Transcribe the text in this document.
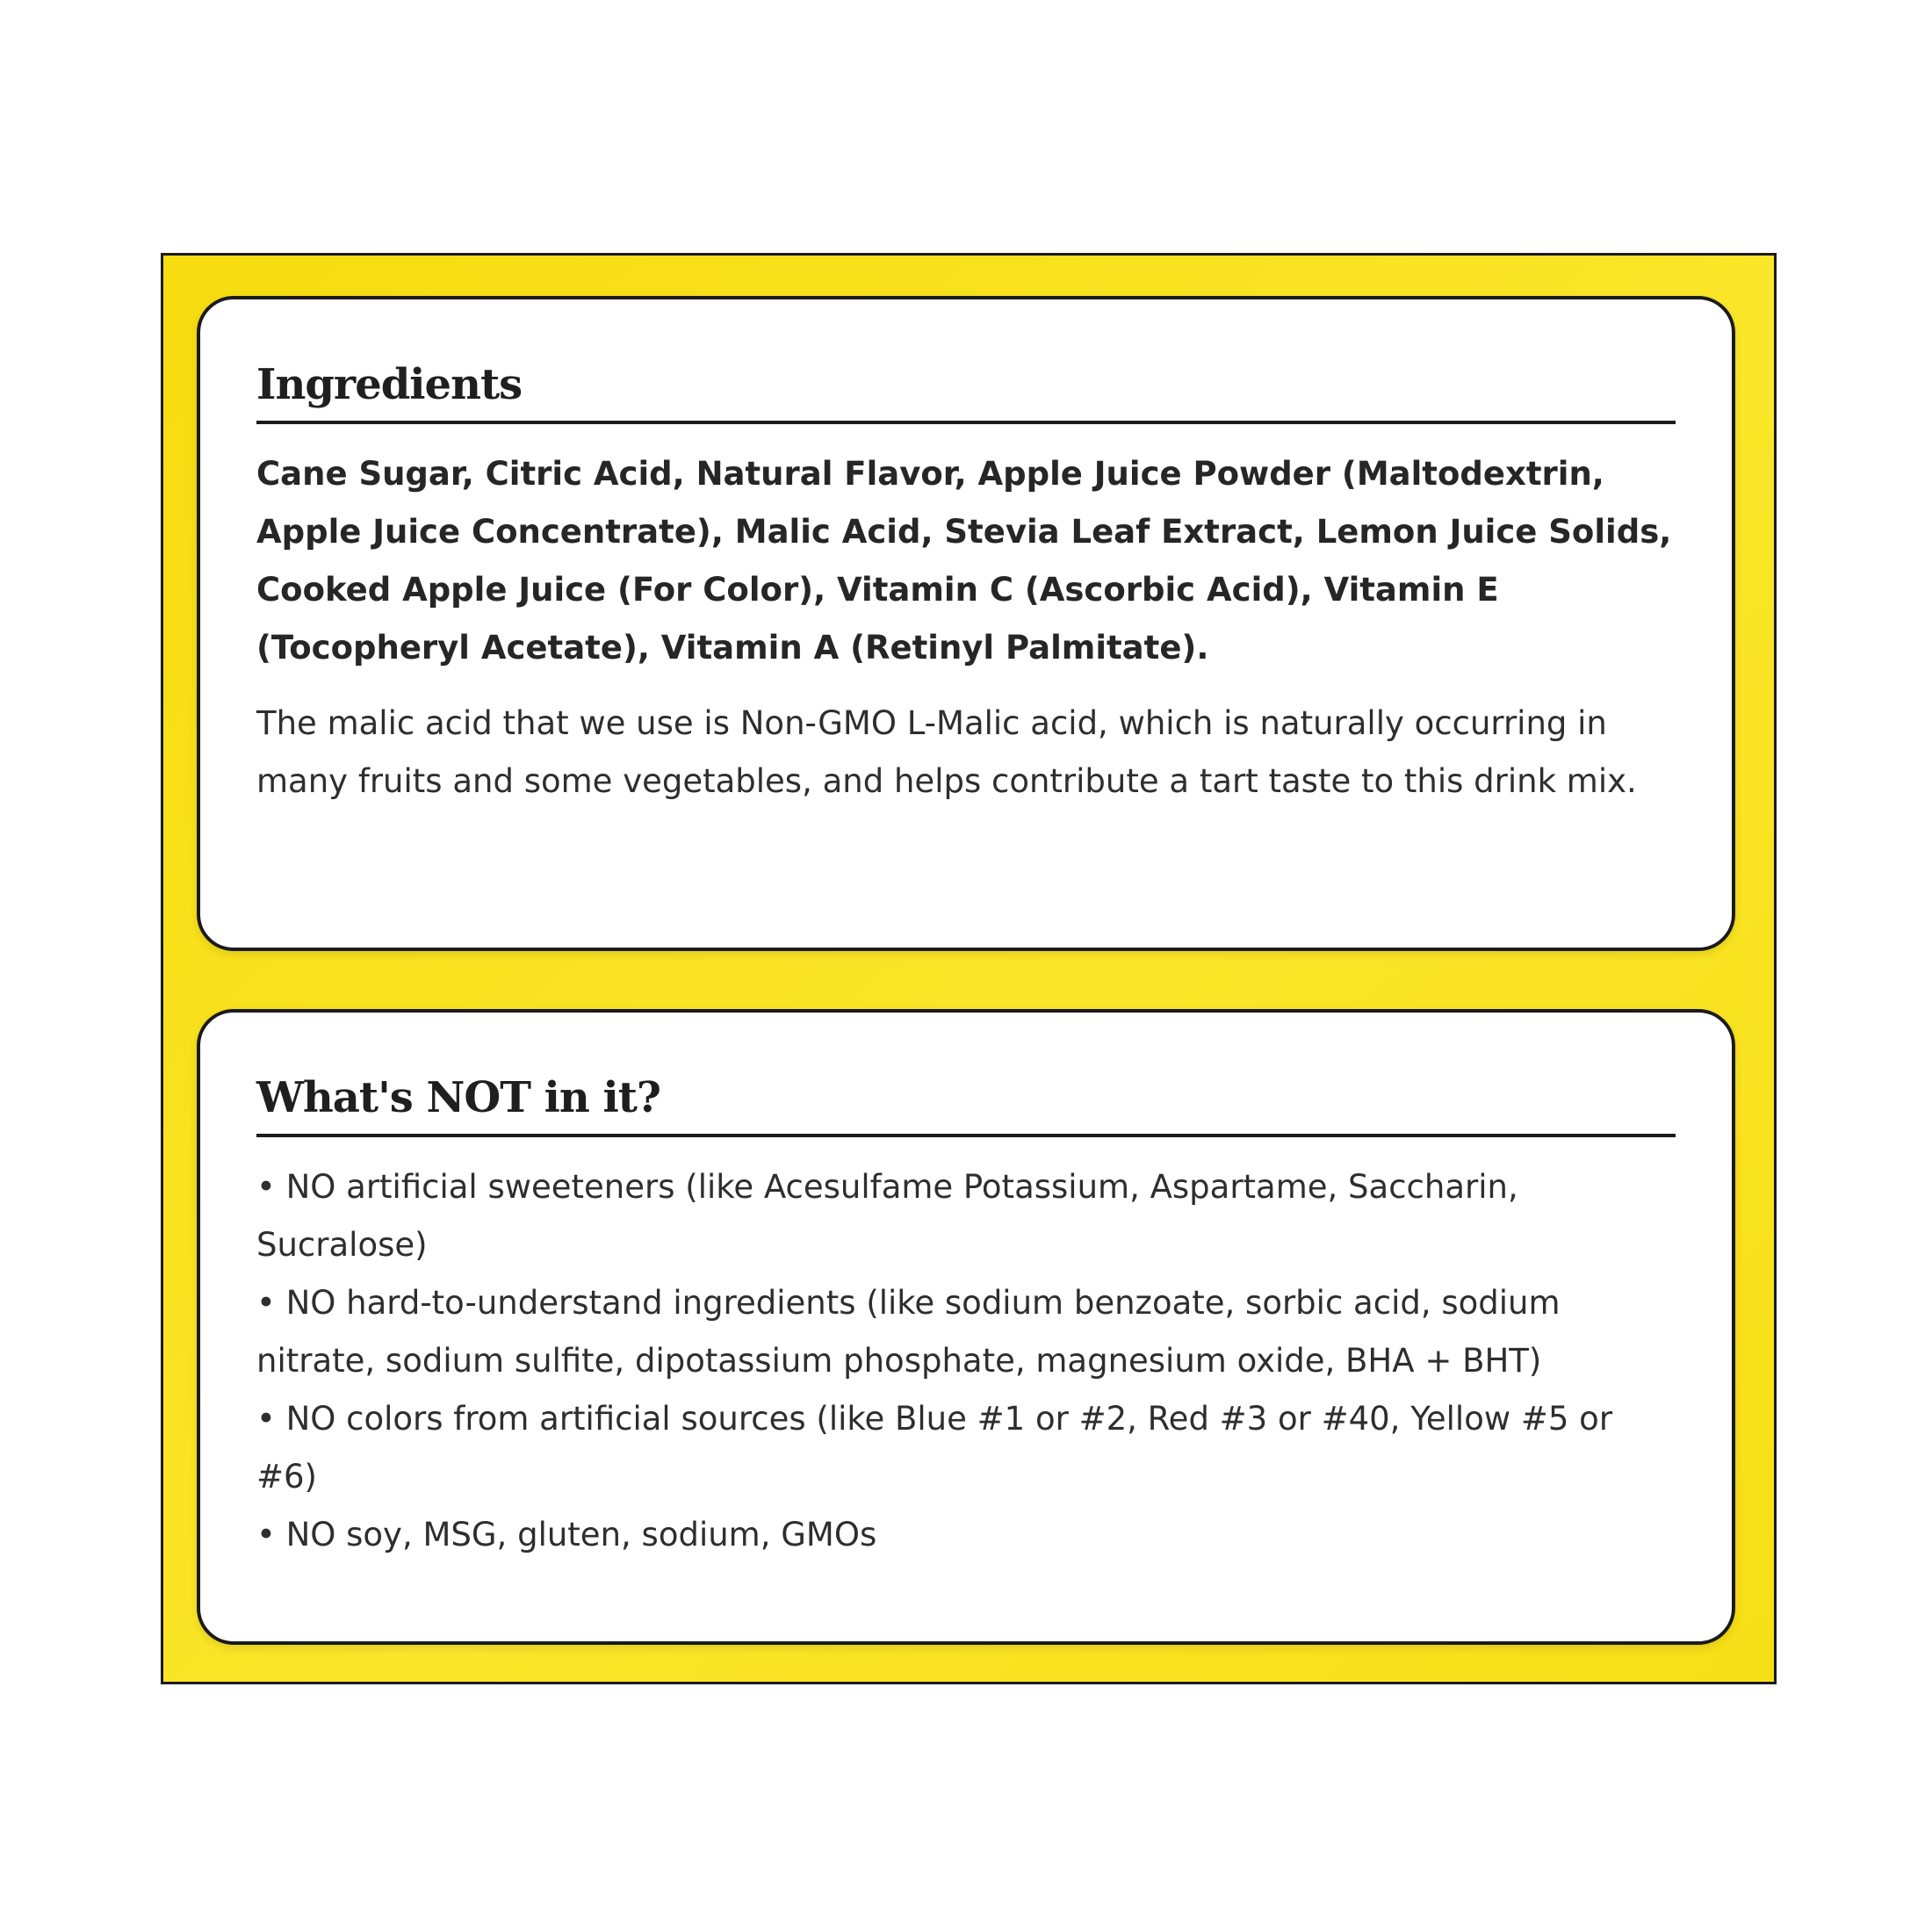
Ingredients

Cane Sugar, Citric Acid, Natural Flavor, Apple Juice Powder (Maltodextrin, Apple Juice Concentrate), Malic Acid, Stevia Leaf Extract, Lemon Juice Solids, Cooked Apple Juice (For Color), Vitamin C (Ascorbic Acid), Vitamin E (Tocopheryl Acetate), Vitamin A (Retinyl Palmitate).

The malic acid that we use is Non-GMO L-Malic acid, which is naturally occurring in many fruits and some vegetables, and helps contribute a tart taste to this drink mix.

What's NOT in it?
• NO artificial sweeteners (like Acesulfame Potassium, Aspartame, Saccharin, Sucralose)
• NO hard-to-understand ingredients (like sodium benzoate, sorbic acid, sodium nitrate, sodium sulfite, dipotassium phosphate, magnesium oxide, BHA + BHT)
• NO colors from artificial sources (like Blue #1 or #2, Red #3 or #40, Yellow #5 or #6)
• NO soy, MSG, gluten, sodium, GMOs
